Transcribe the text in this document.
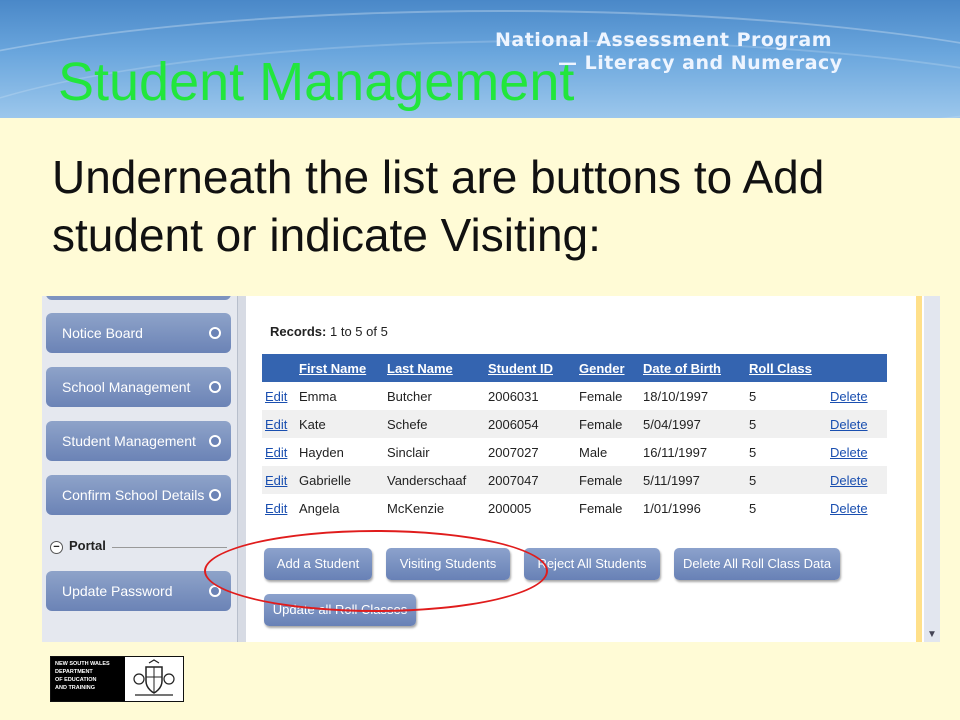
National Assessment Program
— Literacy and Numeracy
Student Management
Underneath the list are buttons to Add student or indicate Visiting:
Notice Board
School Management
Student Management
Confirm School Details
− Portal
Update Password
Records: 1 to 5 of 5
	First Name	Last Name	Student ID	Gender	Date of Birth	Roll Class	
Edit	Emma	Butcher	2006031	Female	18/10/1997	5	Delete
Edit	Kate	Schefe	2006054	Female	5/04/1997	5	Delete
Edit	Hayden	Sinclair	2007027	Male	16/11/1997	5	Delete
Edit	Gabrielle	Vanderschaaf	2007047	Female	5/11/1997	5	Delete
Edit	Angela	McKenzie	200005	Female	1/01/1996	5	Delete
Add a Student	Visiting Students	Reject All Students	Delete All Roll Class Data
Update all Roll Classes
▼
NEW SOUTH WALES
DEPARTMENT
OF EDUCATION
AND TRAINING
